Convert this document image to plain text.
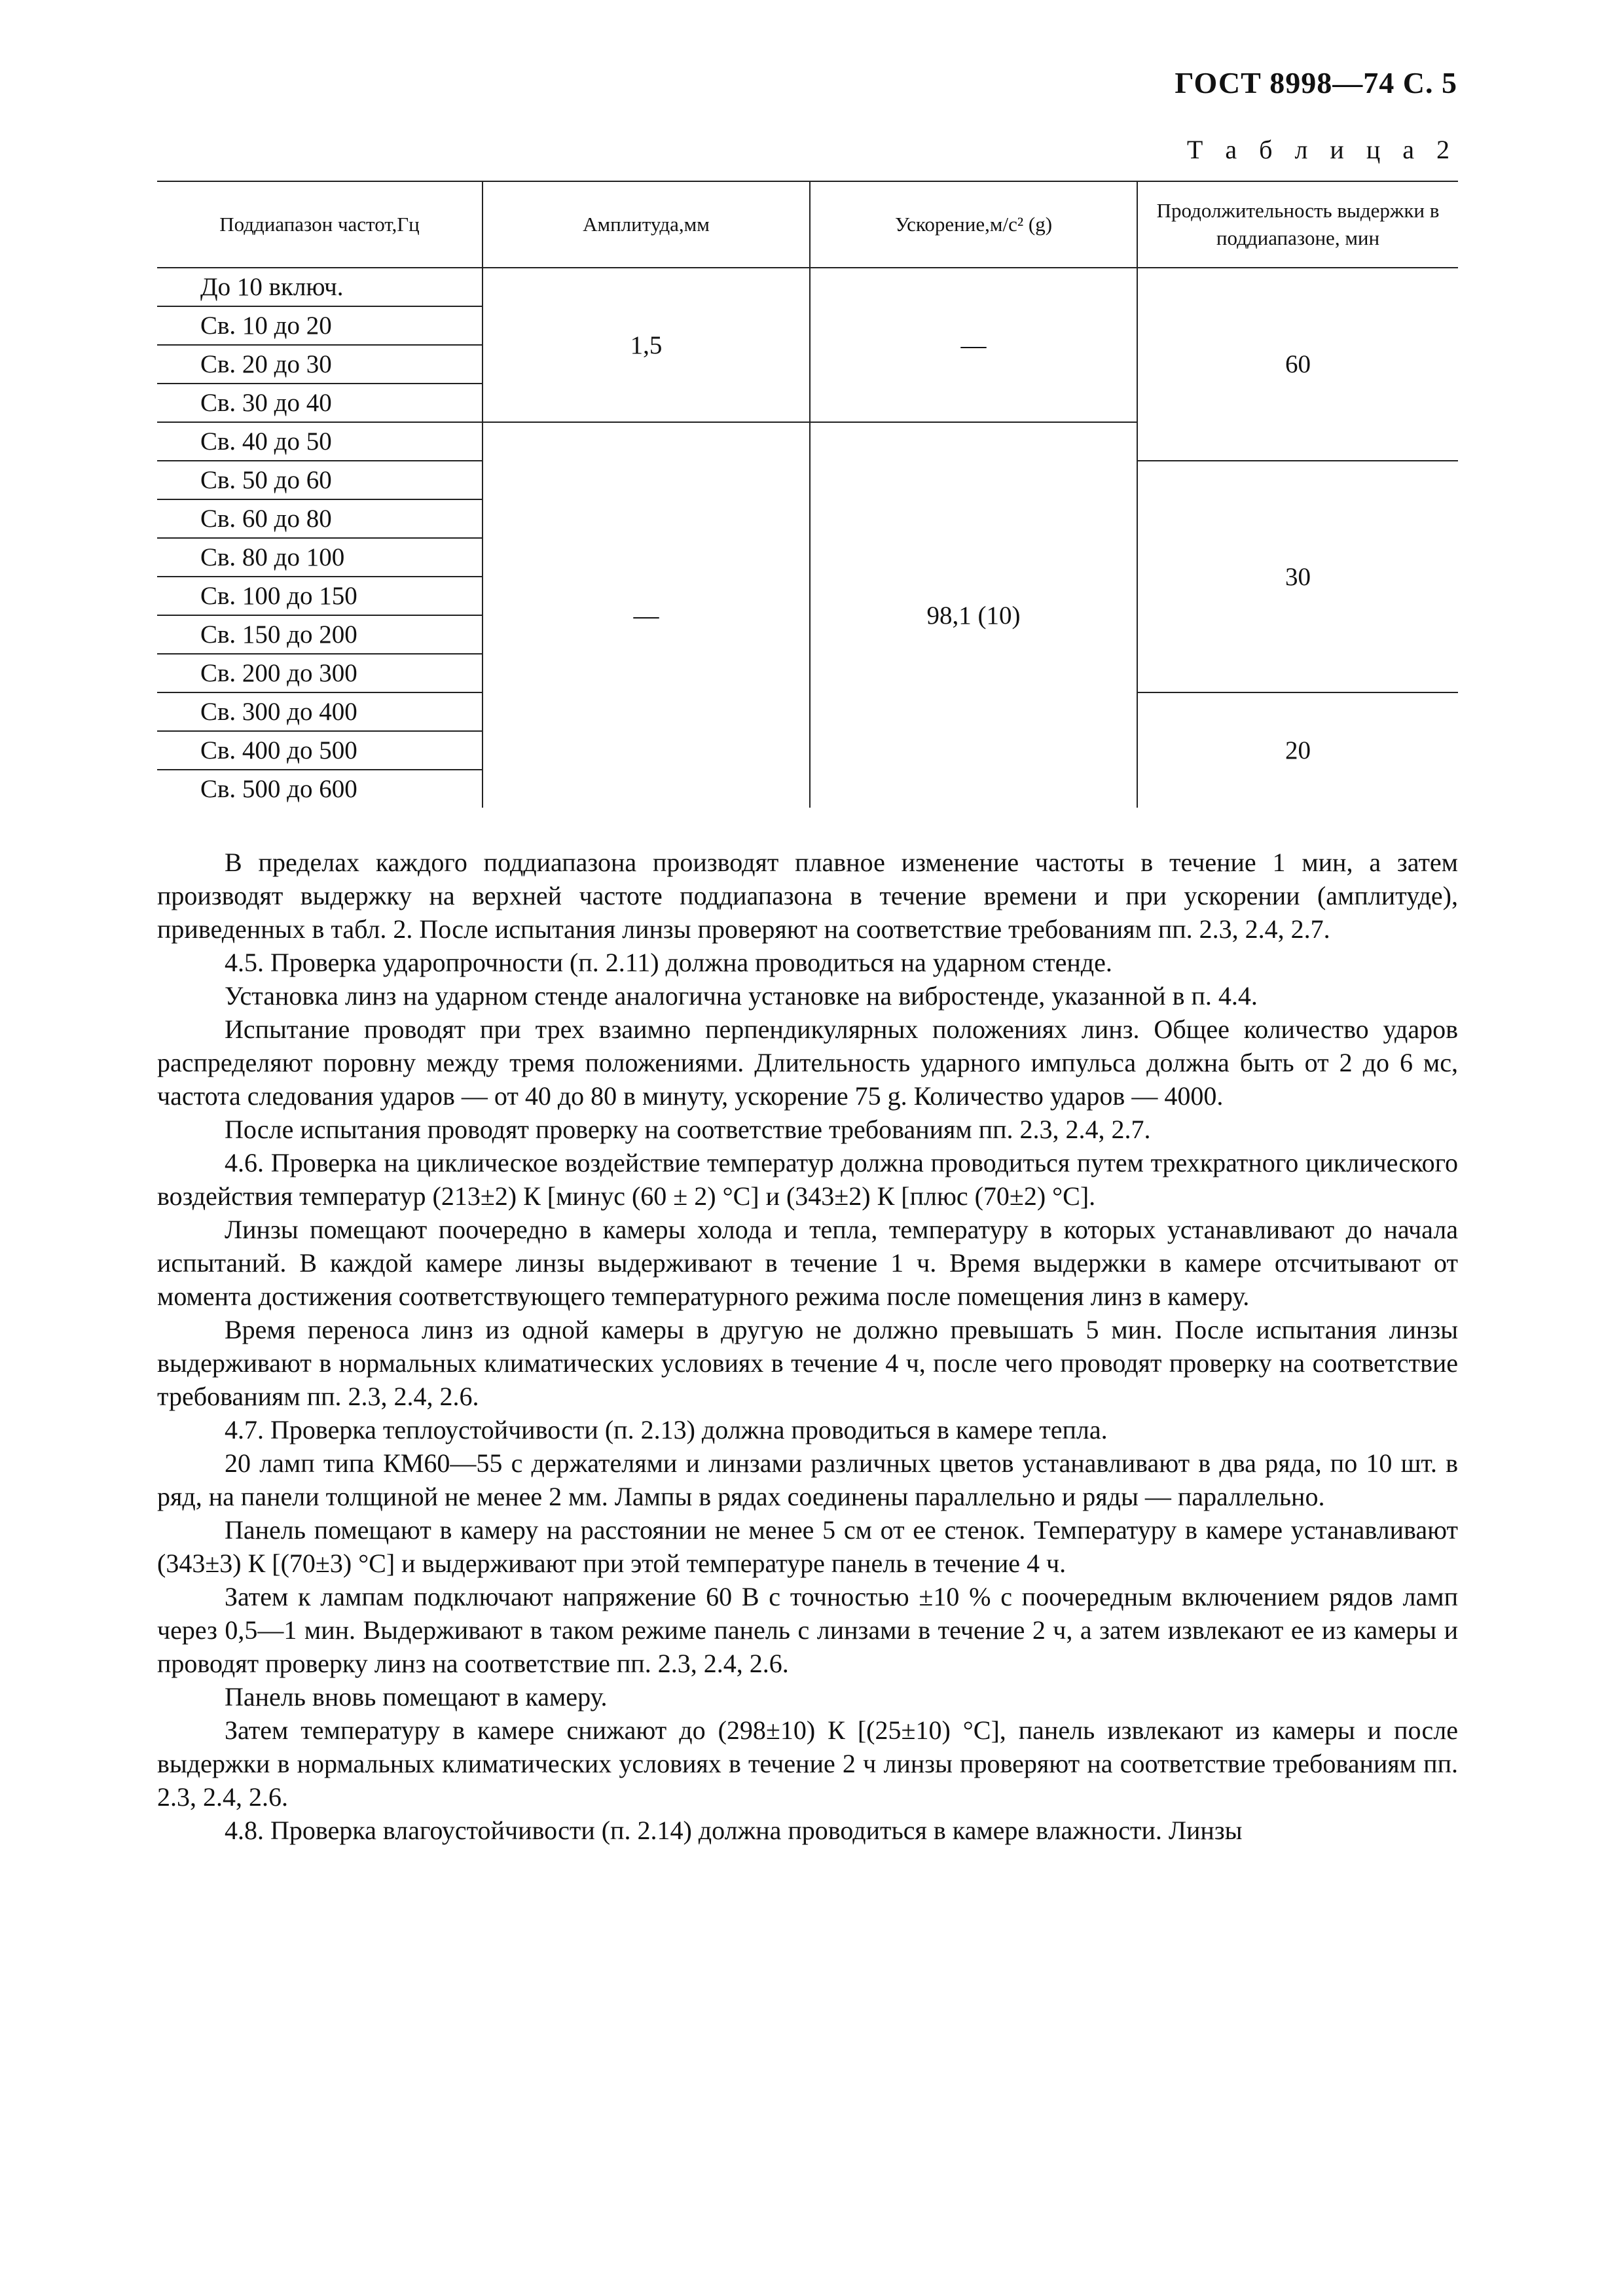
ГОСТ 8998—74 С. 5
Т а б л и ц а 2
Поддиапазон частот,Гц	Амплитуда,мм	Ускорение,м/с² (g)	Продолжительность выдержки в поддиапазоне, мин
До 10 включ.	1,5	—	60
Св. 10 до 20			
Св. 20 до 30			
Св. 30 до 40			
Св. 40 до 50	—	98,1 (10)	
Св. 50 до 60			30
Св. 60 до 80			
Св. 80 до 100			
Св. 100 до 150			
Св. 150 до 200			
Св. 200 до 300			
Св. 300 до 400			20
Св. 400 до 500			
Св. 500 до 600			

В пределах каждого поддиапазона производят плавное изменение частоты в течение 1 мин, а затем производят выдержку на верхней частоте поддиапазона в течение времени и при ускорении (амплитуде), приведенных в табл. 2. После испытания линзы проверяют на соответствие требованиям пп. 2.3, 2.4, 2.7.

4.5. Проверка ударопрочности (п. 2.11) должна проводиться на ударном стенде.

Установка линз на ударном стенде аналогична установке на вибростенде, указанной в п. 4.4.

Испытание проводят при трех взаимно перпендикулярных положениях линз. Общее количество ударов распределяют поровну между тремя положениями. Длительность ударного импульса должна быть от 2 до 6 мс, частота следования ударов — от 40 до 80 в минуту, ускорение 75 g. Количество ударов — 4000.

После испытания проводят проверку на соответствие требованиям пп. 2.3, 2.4, 2.7.

4.6. Проверка на циклическое воздействие температур должна проводиться путем трехкратного циклического воздействия температур (213±2) К [минус (60 ± 2) °С] и (343±2) К [плюс (70±2) °С].

Линзы помещают поочередно в камеры холода и тепла, температуру в которых устанавливают до начала испытаний. В каждой камере линзы выдерживают в течение 1 ч. Время выдержки в камере отсчитывают от момента достижения соответствующего температурного режима после помещения линз в камеру.

Время переноса линз из одной камеры в другую не должно превышать 5 мин. После испытания линзы выдерживают в нормальных климатических условиях в течение 4 ч, после чего проводят проверку на соответствие требованиям пп. 2.3, 2.4, 2.6.

4.7. Проверка теплоустойчивости (п. 2.13) должна проводиться в камере тепла.

20 ламп типа КМ60—55 с держателями и линзами различных цветов устанавливают в два ряда, по 10 шт. в ряд, на панели толщиной не менее 2 мм. Лампы в рядах соединены параллельно и ряды — параллельно.

Панель помещают в камеру на расстоянии не менее 5 см от ее стенок. Температуру в камере устанавливают (343±3) К [(70±3) °С] и выдерживают при этой температуре панель в течение 4 ч.

Затем к лампам подключают напряжение 60 В с точностью ±10 % с поочередным включением рядов ламп через 0,5—1 мин. Выдерживают в таком режиме панель с линзами в течение 2 ч, а затем извлекают ее из камеры и проводят проверку линз на соответствие пп. 2.3, 2.4, 2.6.

Панель вновь помещают в камеру.

Затем температуру в камере снижают до (298±10) К [(25±10) °С], панель извлекают из камеры и после выдержки в нормальных климатических условиях в течение 2 ч линзы проверяют на соответствие требованиям пп. 2.3, 2.4, 2.6.

4.8. Проверка влагоустойчивости (п. 2.14) должна проводиться в камере влажности. Линзы
